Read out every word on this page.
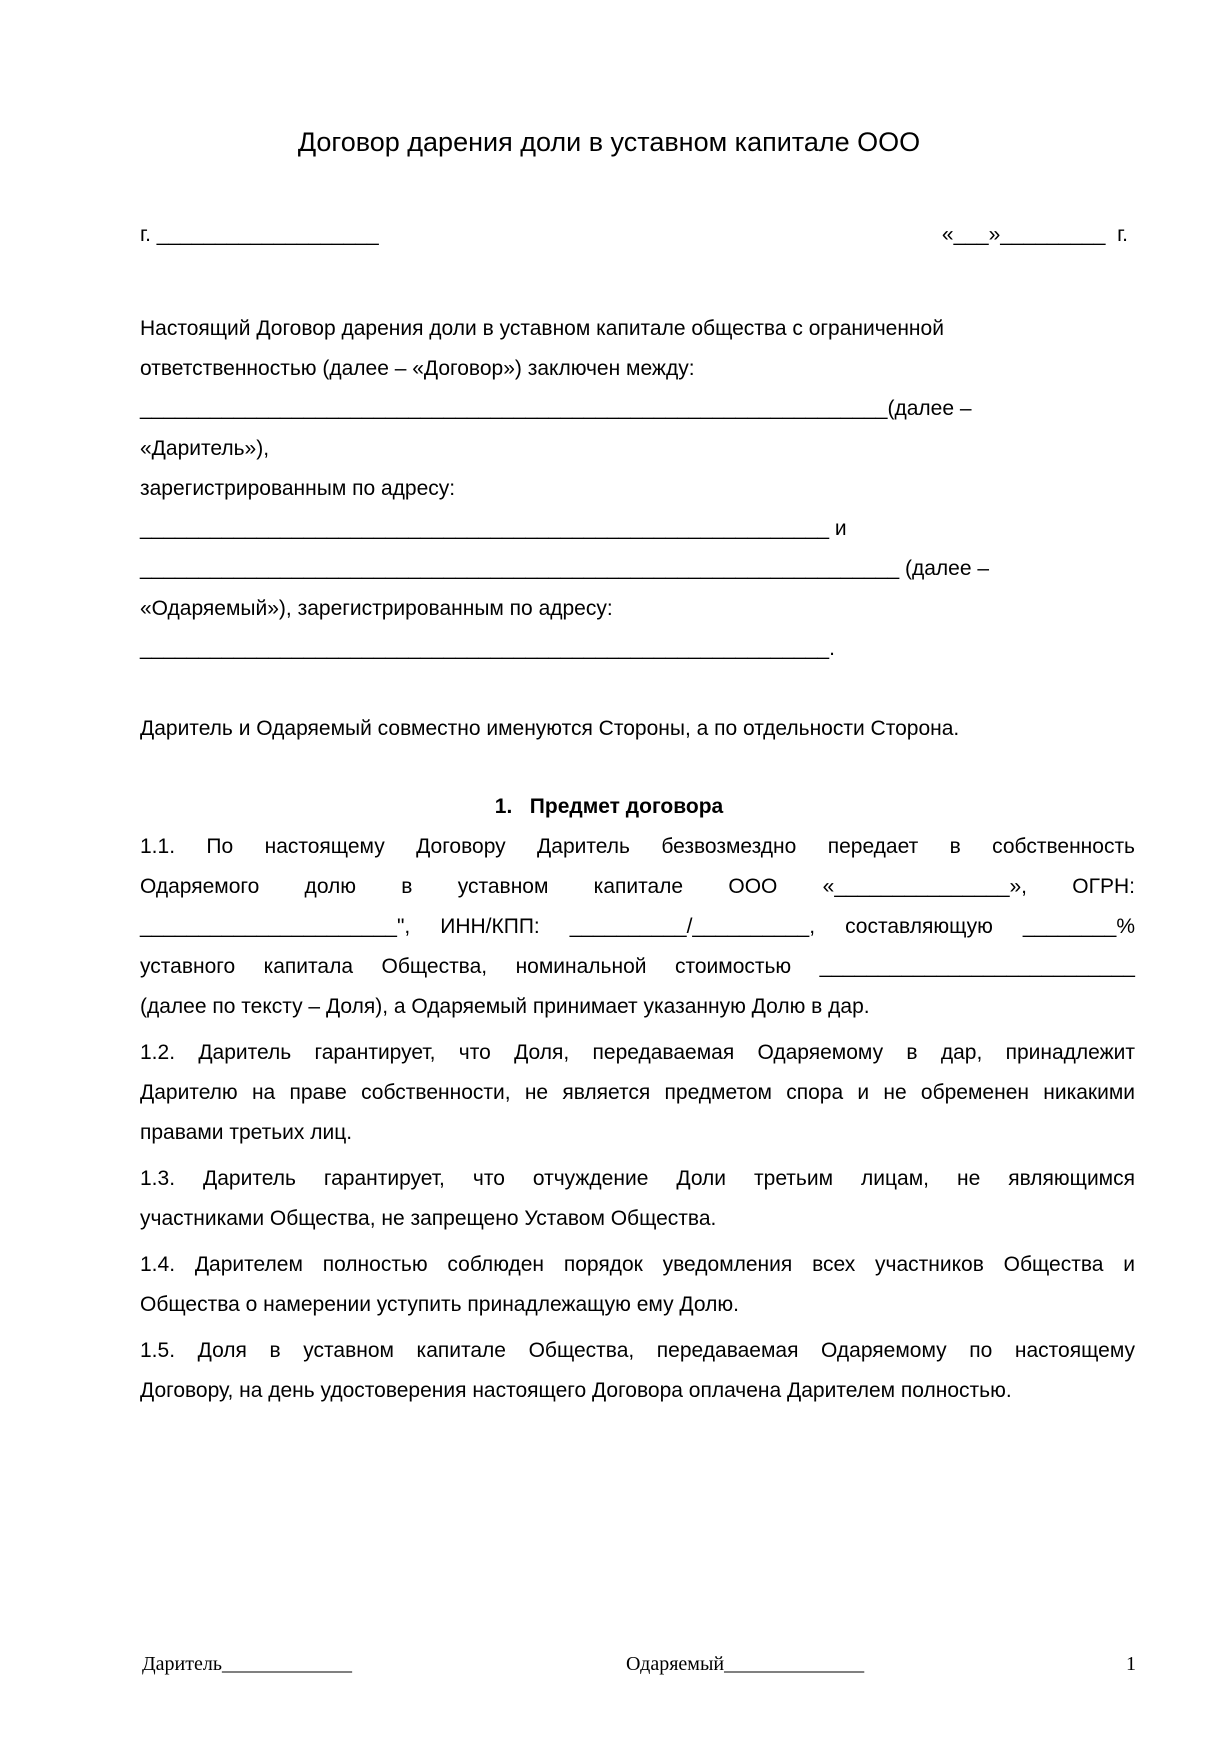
Договор дарения доли в уставном капитале ООО
г. ___________________	«___»_________  г.
Настоящий Договор дарения доли в уставном капитале общества с ограниченной
ответственностью (далее – «Договор») заключен между:
________________________________________________________________(далее –
«Даритель»),
зарегистрированным по адресу:
___________________________________________________________ и
_________________________________________________________________ (далее –
«Одаряемый»), зарегистрированным по адресу:
___________________________________________________________.
Даритель и Одаряемый совместно именуются Стороны, а по отдельности Сторона.
1.   Предмет договора
1.1. По настоящему Договору Даритель безвозмездно передает в собственность
Одаряемого долю в уставном капитале ООО «_______________», ОГРН:
______________________", ИНН/КПП: __________/__________, составляющую ________%
уставного капитала Общества, номинальной стоимостью ___________________________
(далее по тексту – Доля), а Одаряемый принимает указанную Долю в дар.
1.2. Даритель гарантирует, что Доля, передаваемая Одаряемому в дар, принадлежит
Дарителю на праве собственности, не является предметом спора и не обременен никакими
правами третьих лиц.
1.3. Даритель гарантирует, что отчуждение Доли третьим лицам, не являющимся
участниками Общества, не запрещено Уставом Общества.
1.4. Дарителем полностью соблюден порядок уведомления всех участников Общества и
Общества о намерении уступить принадлежащую ему Долю.
1.5. Доля в уставном капитале Общества, передаваемая Одаряемому по настоящему
Договору, на день удостоверения настоящего Договора оплачена Дарителем полностью.
Даритель_____________	Одаряемый______________	1
